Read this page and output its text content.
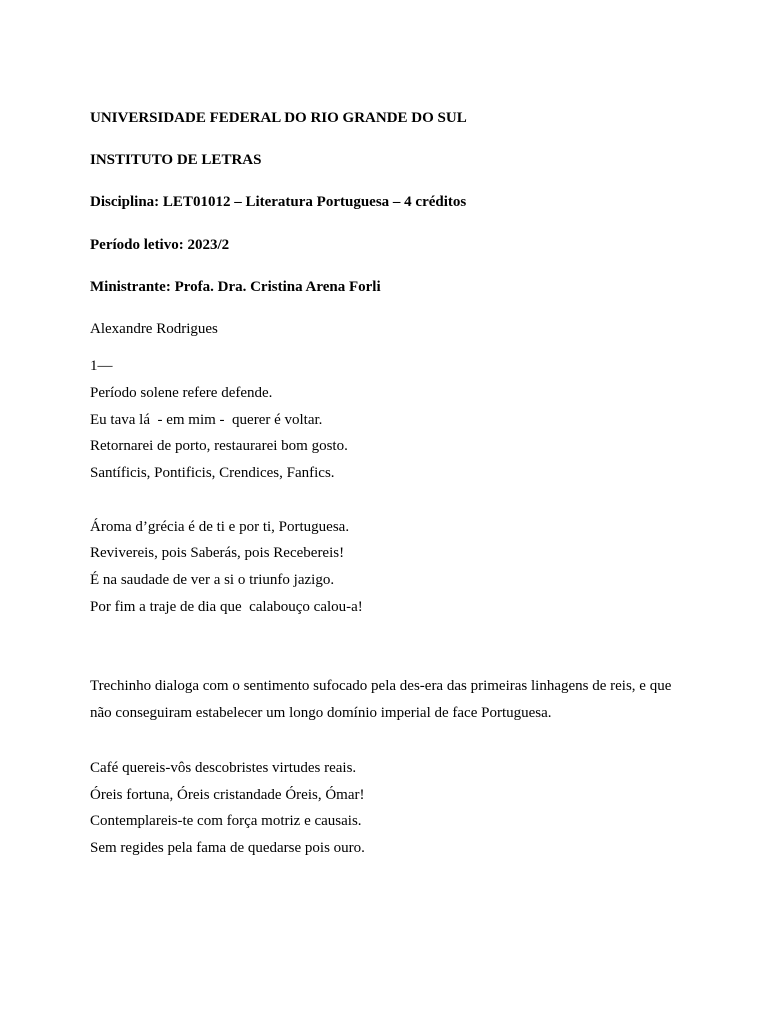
UNIVERSIDADE FEDERAL DO RIO GRANDE DO SUL
INSTITUTO DE LETRAS
Disciplina: LET01012 – Literatura Portuguesa – 4 créditos
Período letivo: 2023/2
Ministrante: Profa. Dra. Cristina Arena Forli
Alexandre Rodrigues
1—
Período solene refere defende.
Eu tava lá  - em mim -  querer é voltar.
Retornarei de porto, restaurarei bom gosto.
Santíficis, Pontificis, Crendices, Fanfics.
Ároma d’grécia é de ti e por ti, Portuguesa.
Revivereis, pois Saberás, pois Recebereis!
É na saudade de ver a si o triunfo jazigo.
Por fim a traje de dia que  calabouço calou-a!
Trechinho dialoga com o sentimento sufocado pela des-era das primeiras linhagens de reis, e que não conseguiram estabelecer um longo domínio imperial de face Portuguesa.
Café quereis-vôs descobristes virtudes reais.
Óreis fortuna, Óreis cristandade Óreis, Ómar!
Contemplareis-te com força motriz e causais.
Sem regides pela fama de quedarse pois ouro.
